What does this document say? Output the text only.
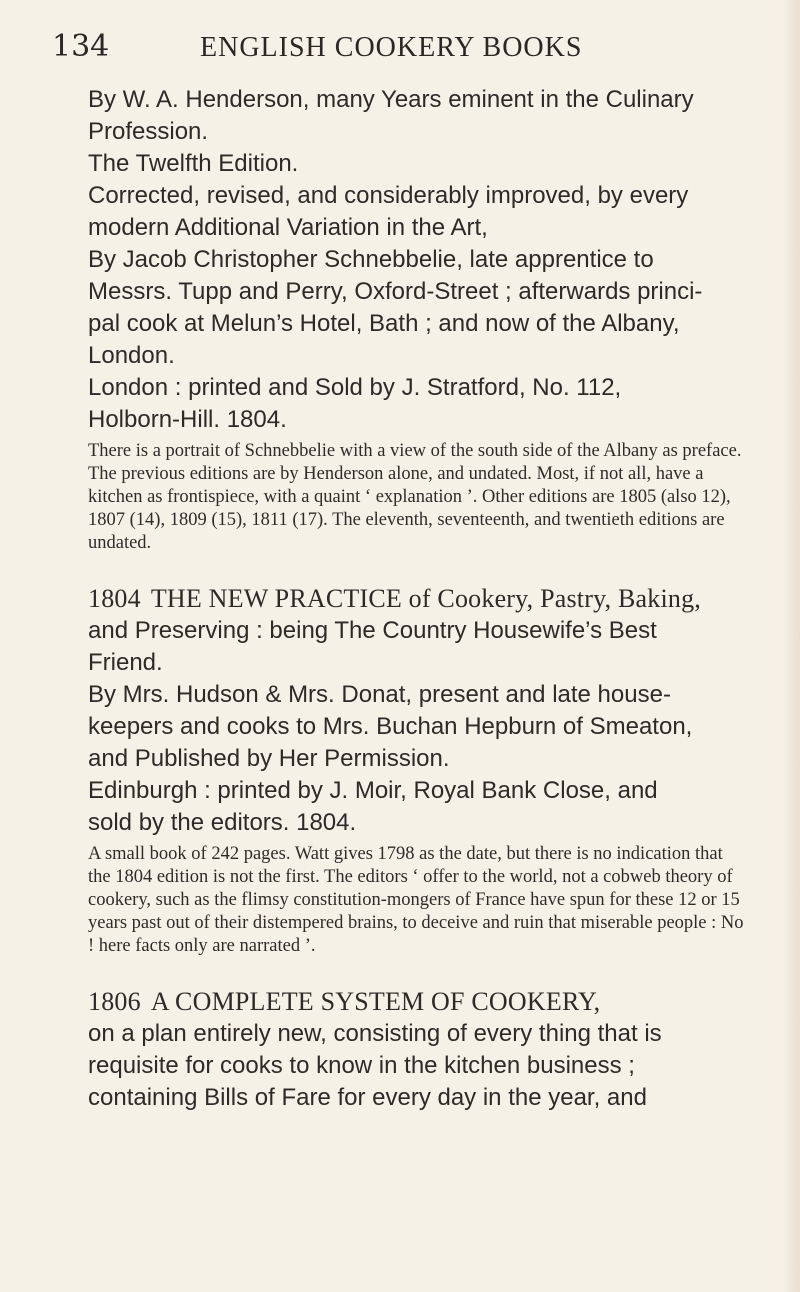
134	ENGLISH COOKERY BOOKS

By W. A. Henderson, many Years eminent in the Culinary

Profession.

The Twelfth Edition.

Corrected, revised, and considerably improved, by every

modern Additional Variation in the Art,

By Jacob Christopher Schnebbelie, late apprentice to

Messrs. Tupp and Perry, Oxford-Street ; afterwards princi-

pal cook at Melun’s Hotel, Bath ; and now of the Albany,

London.

London : printed and Sold by J. Stratford, No. 112,

Holborn-Hill. 1804.

There is a portrait of Schnebbelie with a view of the south side of the Albany as preface. The previous editions are by Henderson alone, and undated. Most, if not all, have a kitchen as frontispiece, with a quaint ‘ explanation ’. Other editions are 1805 (also 12), 1807 (14), 1809 (15), 1811 (17). The eleventh, seventeenth, and twentieth editions are undated.

1804 THE NEW PRACTICE of Cookery, Pastry, Baking,

and Preserving : being The Country Housewife’s Best

Friend.

By Mrs. Hudson & Mrs. Donat, present and late house-

keepers and cooks to Mrs. Buchan Hepburn of Smeaton,

and Published by Her Permission.

Edinburgh : printed by J. Moir, Royal Bank Close, and

sold by the editors. 1804.

A small book of 242 pages. Watt gives 1798 as the date, but there is no indication that the 1804 edition is not the first. The editors ‘ offer to the world, not a cobweb theory of cookery, such as the flimsy constitution-mongers of France have spun for these 12 or 15 years past out of their distempered brains, to deceive and ruin that miserable people : No ! here facts only are narrated ’.

1806 A COMPLETE SYSTEM OF COOKERY,

on a plan entirely new, consisting of every thing that is

requisite for cooks to know in the kitchen business ;

containing Bills of Fare for every day in the year, and
